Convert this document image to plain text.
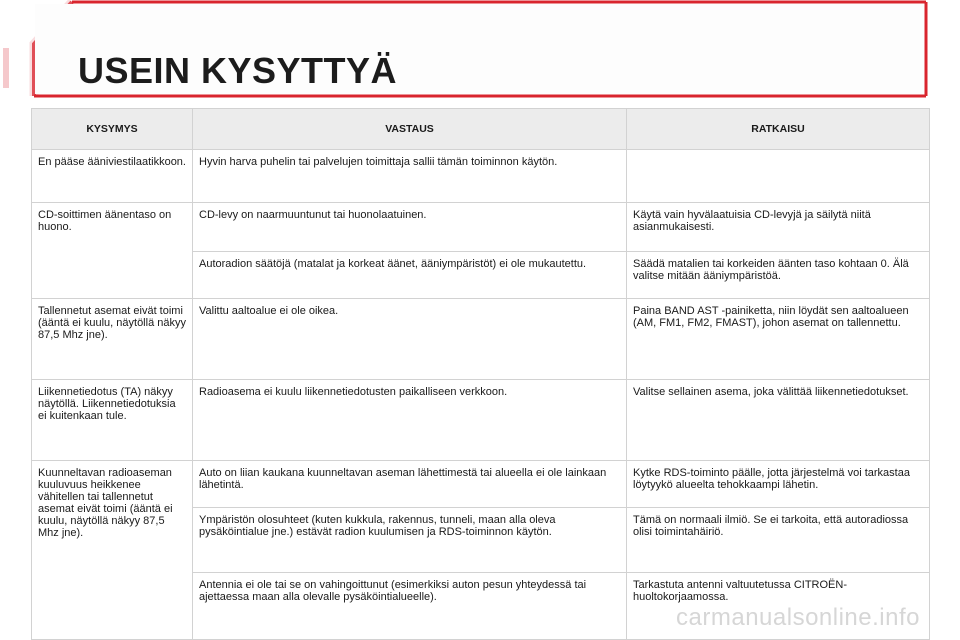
USEIN KYSYTTYÄ
KYSYMYS	VASTAUS	RATKAISU
En pääse ääniviestilaatikkoon.	Hyvin harva puhelin tai palvelujen toimittaja sallii tämän toiminnon käytön.	
CD-soittimen äänentaso on huono.	CD-levy on naarmuuntunut tai huonolaatuinen.	Käytä vain hyvälaatuisia CD-levyjä ja säilytä niitä asianmukaisesti.
	Autoradion säätöjä (matalat ja korkeat äänet, ääniympäristöt) ei ole mukautettu.	Säädä matalien tai korkeiden äänten taso kohtaan 0. Älä valitse mitään ääniympäristöä.
Tallennetut asemat eivät toimi (ääntä ei kuulu, näytöllä näkyy 87,5 Mhz jne).	Valittu aaltoalue ei ole oikea.	Paina BAND AST -painiketta, niin löydät sen aaltoalueen (AM, FM1, FM2, FMAST), johon asemat on tallennettu.
Liikennetiedotus (TA) näkyy näytöllä. Liikennetiedotuksia ei kuitenkaan tule.	Radioasema ei kuulu liikennetiedotusten paikalliseen verkkoon.	Valitse sellainen asema, joka välittää liikennetiedotukset.
Kuunneltavan radioaseman kuuluvuus heikkenee vähitellen tai tallennetut asemat eivät toimi (ääntä ei kuulu, näytöllä näkyy 87,5 Mhz jne).	Auto on liian kaukana kuunneltavan aseman lähettimestä tai alueella ei ole lainkaan lähetintä.	Kytke RDS-toiminto päälle, jotta järjestelmä voi tarkastaa löytyykö alueelta tehokkaampi lähetin.
	Ympäristön olosuhteet (kuten kukkula, rakennus, tunneli, maan alla oleva pysäköintialue jne.) estävät radion kuulumisen ja RDS-toiminnon käytön.	Tämä on normaali ilmiö. Se ei tarkoita, että autoradiossa olisi toimintahäiriö.
	Antennia ei ole tai se on vahingoittunut (esimerkiksi auton pesun yhteydessä tai ajettaessa maan alla olevalle pysäköintialueelle).	Tarkastuta antenni valtuutetussa CITROËN-huoltokorjaamossa.
carmanualsonline.info
